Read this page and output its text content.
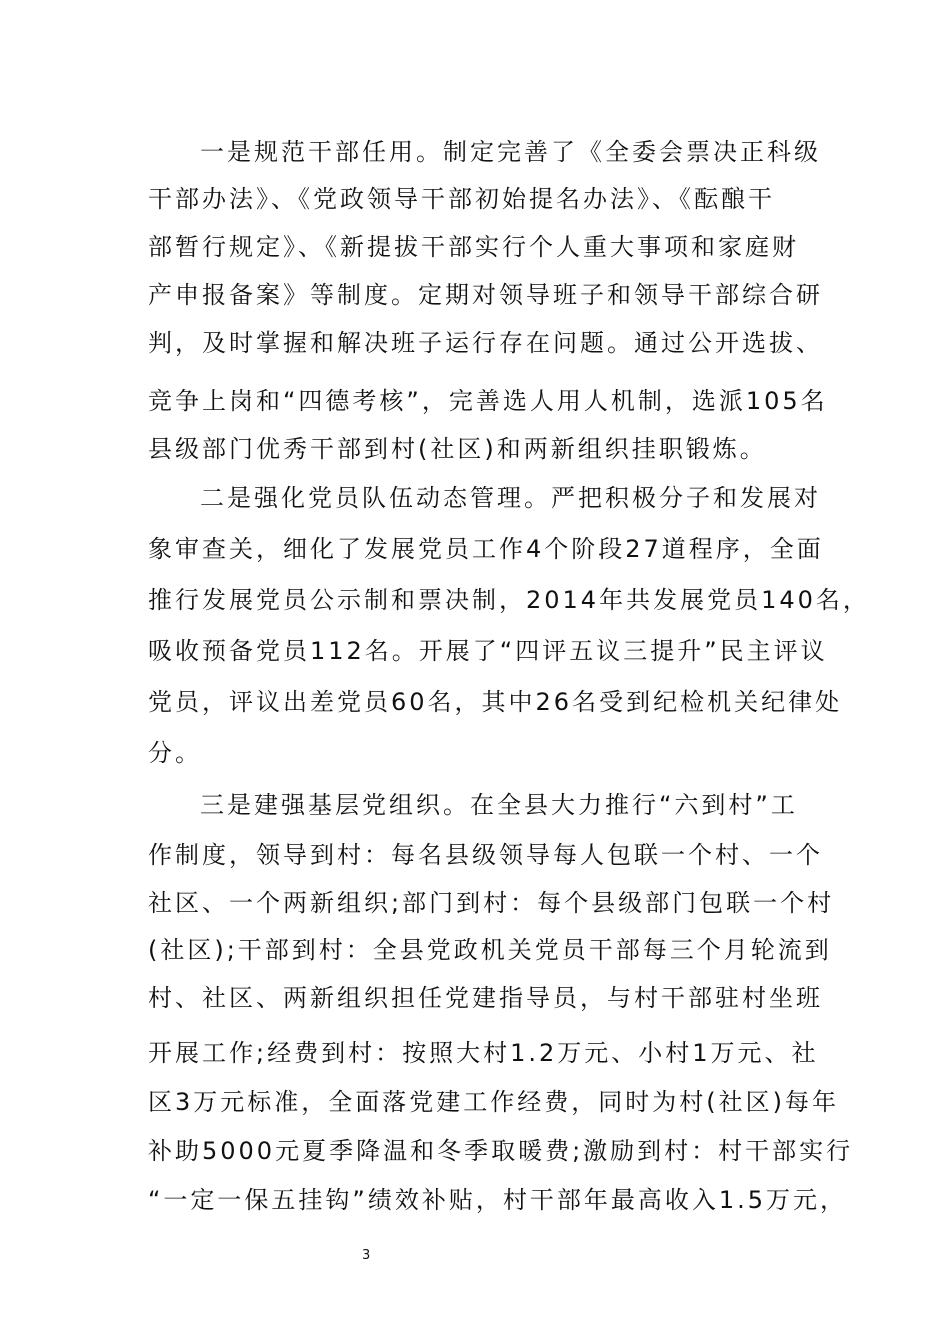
一是规范干部任用。制定完善了《全委会票决正科级
干部办法》、《党政领导干部初始提名办法》、《酝酿干
部暂行规定》、《新提拔干部实行个人重大事项和家庭财
产申报备案》等制度。定期对领导班子和领导干部综合研
判，及时掌握和解决班子运行存在问题。通过公开选拔、
竞争上岗和“四德考核”，完善选人用人机制，选派105名
县级部门优秀干部到村(社区)和两新组织挂职锻炼。
二是强化党员队伍动态管理。严把积极分子和发展对
象审查关，细化了发展党员工作4个阶段27道程序，全面
推行发展党员公示制和票决制，2014年共发展党员140名，
吸收预备党员112名。开展了“四评五议三提升”民主评议
党员，评议出差党员60名，其中26名受到纪检机关纪律处
分。
三是建强基层党组织。在全县大力推行“六到村”工
作制度，领导到村：每名县级领导每人包联一个村、一个
社区、一个两新组织;部门到村：每个县级部门包联一个村
(社区);干部到村：全县党政机关党员干部每三个月轮流到
村、社区、两新组织担任党建指导员，与村干部驻村坐班
开展工作;经费到村：按照大村1.2万元、小村1万元、社
区3万元标准，全面落党建工作经费，同时为村(社区)每年
补助5000元夏季降温和冬季取暖费;激励到村：村干部实行
“一定一保五挂钩”绩效补贴，村干部年最高收入1.5万元，
3
